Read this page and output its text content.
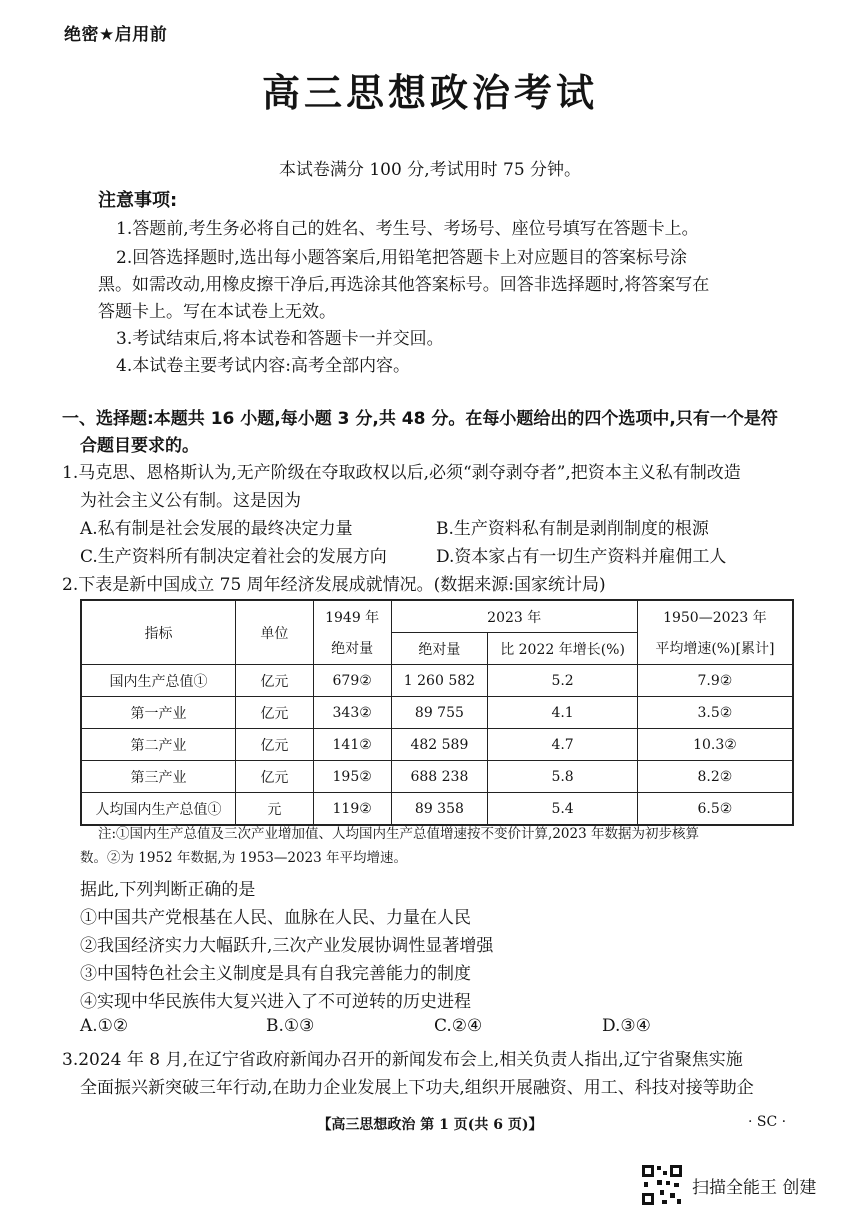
绝密★启用前
高三思想政治考试
本试卷满分 100 分,考试用时 75 分钟。
注意事项:
1.答题前,考生务必将自己的姓名、考生号、考场号、座位号填写在答题卡上。
2.回答选择题时,选出每小题答案后,用铅笔把答题卡上对应题目的答案标号涂
黑。如需改动,用橡皮擦干净后,再选涂其他答案标号。回答非选择题时,将答案写在
答题卡上。写在本试卷上无效。
3.考试结束后,将本试卷和答题卡一并交回。
4.本试卷主要考试内容:高考全部内容。
一、选择题:本题共 16 小题,每小题 3 分,共 48 分。在每小题给出的四个选项中,只有一个是符
合题目要求的。
1.马克思、恩格斯认为,无产阶级在夺取政权以后,必须“剥夺剥夺者”,把资本主义私有制改造
为社会主义公有制。这是因为
A.私有制是社会发展的最终决定力量	B.生产资料私有制是剥削制度的根源
C.生产资料所有制决定着社会的发展方向	D.资本家占有一切生产资料并雇佣工人
2.下表是新中国成立 75 周年经济发展成就情况。(数据来源:国家统计局)
指标	单位	1949 年	2023 年		1950—2023 年
		绝对量	绝对量	比 2022 年增长(%)	平均增速(%)[累计]
国内生产总值①	亿元	679②	1 260 582	5.2	7.9②
第一产业	亿元	343②	89 755	4.1	3.5②
第二产业	亿元	141②	482 589	4.7	10.3②
第三产业	亿元	195②	688 238	5.8	8.2②
人均国内生产总值①	元	119②	89 358	5.4	6.5②
注:①国内生产总值及三次产业增加值、人均国内生产总值增速按不变价计算,2023 年数据为初步核算
数。②为 1952 年数据,为 1953—2023 年平均增速。
据此,下列判断正确的是
①中国共产党根基在人民、血脉在人民、力量在人民
②我国经济实力大幅跃升,三次产业发展协调性显著增强
③中国特色社会主义制度是具有自我完善能力的制度
④实现中华民族伟大复兴进入了不可逆转的历史进程
A.①②	B.①③	C.②④	D.③④
3.2024 年 8 月,在辽宁省政府新闻办召开的新闻发布会上,相关负责人指出,辽宁省聚焦实施
全面振兴新突破三年行动,在助力企业发展上下功夫,组织开展融资、用工、科技对接等助企
【高三思想政治 第 1 页(共 6 页)】	· SC ·
扫描全能王 创建
